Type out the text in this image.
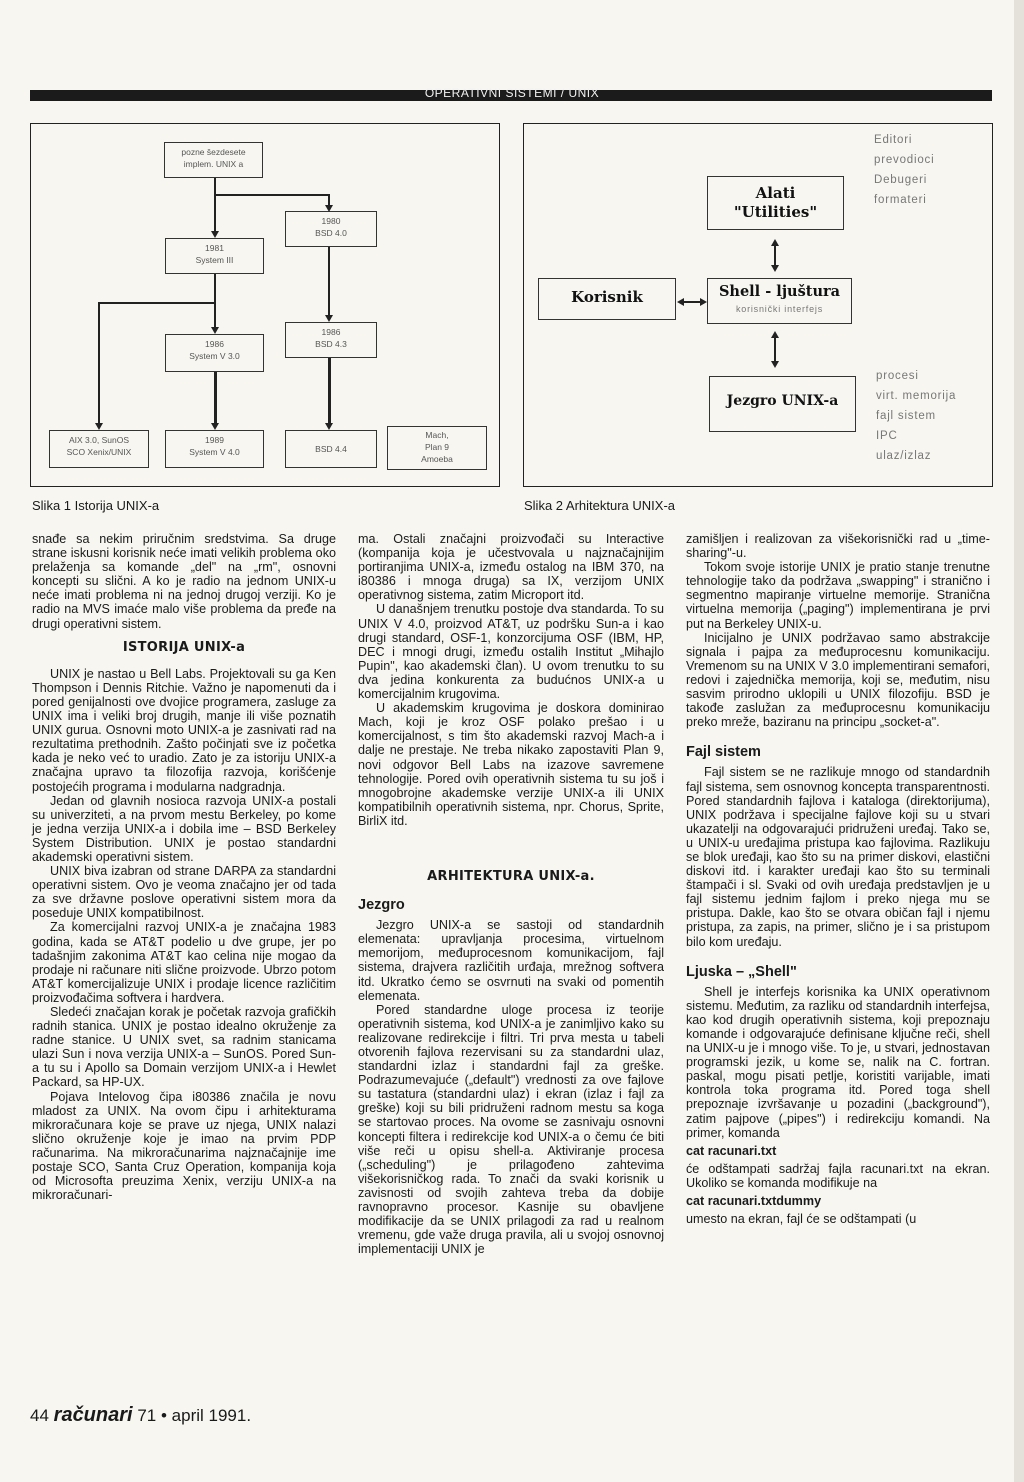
OPERATIVNI SISTEMI / UNIX
pozne šezdesete
implem. UNIX a
1980
BSD 4.0
1981
System III
1986
System V 3.0
1986
BSD 4.3
AIX 3.0, SunOS
SCO Xenix/UNIX
1989
System V 4.0	BSD 4.4
Mach,
Plan 9
Amoeba
Alati
"Utilities"
Editori
prevodioci
Debugeri
formateri
Korisnik	Shell - ljuštura
korisnički interfejs
Jezgro UNIX-a
procesi
virt. memorija
fajl sistem
IPC
ulaz/izlaz
Slika 1 Istorija UNIX-a	Slika 2 Arhitektura UNIX-a

snađe sa nekim priručnim sredstvima. Sa druge strane iskusni korisnik neće imati velikih problema oko prelaženja sa komande „del" na „rm", osnovni koncepti su slični. A ko je radio na jednom UNIX-u neće imati problema ni na jednoj drugoj verziji. Ko je radio na MVS imaće malo više problema da pređe na drugi operativni sistem.

ISTORIJA UNIX-a

UNIX je nastao u Bell Labs. Projektovali su ga Ken Thompson i Dennis Ritchie. Važno je napomenuti da i pored genijalnosti ove dvojice programera, zasluge za UNIX ima i veliki broj drugih, manje ili više poznatih UNIX gurua. Osnovni moto UNIX-a je zasnivati rad na rezultatima prethodnih. Zašto počinjati sve iz početka kada je neko već to uradio. Zato je za istoriju UNIX-a značajna upravo ta filozofija razvoja, korišćenje postojećih programa i modularna nadgradnja.

Jedan od glavnih nosioca razvoja UNIX-a postali su univerziteti, a na prvom mestu Berkeley, po kome je jedna verzija UNIX-a i dobila ime – BSD Berkeley System Distribution. UNIX je postao standardni akademski operativni sistem.

UNIX biva izabran od strane DARPA za standardni operativni sistem. Ovo je veoma značajno jer od tada za sve državne poslove operativni sistem mora da poseduje UNIX kompatibilnost.

Za komercijalni razvoj UNIX-a je značajna 1983 godina, kada se AT&T podelio u dve grupe, jer po tadašnjim zakonima AT&T kao celina nije mogao da prodaje ni računare niti slične proizvode. Ubrzo potom AT&T komercijalizuje UNIX i prodaje licence različitim proizvođačima softvera i hardvera.

Sledeći značajan korak je početak razvoja grafičkih radnih stanica. UNIX je postao idealno okruženje za radne stanice. U UNIX svet, sa radnim stanicama ulazi Sun i nova verzija UNIX-a – SunOS. Pored Sun-a tu su i Apollo sa Domain verzijom UNIX-a i Hewlet Packard, sa HP-UX.

Pojava Intelovog čipa i80386 značila je novu mladost za UNIX. Na ovom čipu i arhitekturama mikroračunara koje se prave uz njega, UNIX nalazi slično okruženje koje je imao na prvim PDP računarima. Na mikroračunarima najznačajnije ime postaje SCO, Santa Cruz Operation, kompanija koja od Microsofta preuzima Xenix, verziju UNIX-a na mikroračunari-

ma. Ostali značajni proizvođači su Interactive (kompanija koja je učestvovala u najznačajnijim portiranjima UNIX-a, između ostalog na IBM 370, na i80386 i mnoga druga) sa IX, verzijom UNIX operativnog sistema, zatim Microport itd.

U današnjem trenutku postoje dva standarda. To su UNIX V 4.0, proizvod AT&T, uz podršku Sun-a i kao drugi standard, OSF-1, konzorcijuma OSF (IBM, HP, DEC i mnogi drugi, između ostalih Institut „Mihajlo Pupin", kao akademski član). U ovom trenutku to su dva jedina konkurenta za budućnos UNIX-a u komercijalnim krugovima.

U akademskim krugovima je doskora dominirao Mach, koji je kroz OSF polako prešao i u komercijalnost, s tim što akademski razvoj Mach-a i dalje ne prestaje. Ne treba nikako zapostaviti Plan 9, novi odgovor Bell Labs na izazove savremene tehnologije. Pored ovih operativnih sistema tu su još i mnogobrojne akademske verzije UNIX-a ili UNIX kompatibilnih operativnih sistema, npr. Chorus, Sprite, BirliX itd.

ARHITEKTURA UNIX-a.
Jezgro

Jezgro UNIX-a se sastoji od standardnih elemenata: upravljanja procesima, virtuelnom memorijom, međuprocesnom komunikacijom, fajl sistema, drajvera različitih urđaja, mrežnog softvera itd. Ukratko ćemo se osvrnuti na svaki od pomentih elemenata.

Pored standardne uloge procesa iz teorije operativnih sistema, kod UNIX-a je zanimljivo kako su realizovane redirekcije i filtri. Tri prva mesta u tabeli otvorenih fajlova rezervisani su za standardni ulaz, standardni izlaz i standardni fajl za greške. Podrazumevajuće („default") vrednosti za ove fajlove su tastatura (standardni ulaz) i ekran (izlaz i fajl za greške) koji su bili pridruženi radnom mestu sa koga se startovao proces. Na ovome se zasnivaju osnovni koncepti filtera i redirekcije kod UNIX-a o čemu će biti više reči u opisu shell-a. Aktiviranje procesa („scheduling") je prilagođeno zahtevima višekorisničkog rada. To znači da svaki korisnik u zavisnosti od svojih zahteva treba da dobije ravnopravno procesor. Kasnije su obavljene modifikacije da se UNIX prilagodi za rad u realnom vremenu, gde važe druga pravila, ali u svojoj osnovnoj implementaciji UNIX je

zamišljen i realizovan za višekorisnički rad u „time-sharing"-u.

Tokom svoje istorije UNIX je pratio stanje trenutne tehnologije tako da podržava „swapping" i straničnо i segmentno mapiranje virtuelne memorije. Stranična virtuelna memorija („paging") implementirana je prvi put na Berkeley UNIX-u.

Inicijalno je UNIX podržavao samo abstrakcije signala i pajpa za međuprocesnu komunikaciju. Vremenom su na UNIX V 3.0 implementirani semafori, redovi i zajednička memorija, koji se, međutim, nisu sasvim prirodno uklopili u UNIX filozofiju. BSD je takođe zaslužan za međuprocesnu komunikaciju preko mreže, baziranu na principu „socket-a".

Fajl sistem

Fajl sistem se ne razlikuje mnogo od standardnih fajl sistema, sem osnovnog koncepta transparentnosti. Pored standardnih fajlova i kataloga (direktorijuma), UNIX podržava i specijalne fajlove koji su u stvari ukazatelji na odgovarajući pridruženi uređaj. Tako se, u UNIX-u uređajima pristupa kao fajlovima. Razlikuju se blok uređaji, kao što su na primer diskovi, elastični diskovi itd. i karakter uređaji kao što su terminali štampači i sl. Svaki od ovih uređaja predstavljen je u fajl sistemu jednim fajlom i preko njega mu se pristupa. Dakle, kao što se otvara običan fajl i njemu pristupa, za zapis, na primer, slično je i sa pristupom bilo kom uređaju.

Ljuska – „Shell"

Shell je interfejs korisnika ka UNIX operativnom sistemu. Međutim, za razliku od standardnih interfejsa, kao kod drugih operativnih sistema, koji prepoznaju komande i odgovarajuće definisane ključne reči, shell na UNIX-u je i mnogo više. To je, u stvari, jednostavan programski jezik, u kome se, nalik na C. fortran. paskal, mogu pisati petlje, koristiti varijable, imati kontrola toka programa itd. Pored toga shell prepoznaje izvršavanje u pozadini („background"), zatim pajpove („pipes") i redirekciju komandi. Na primer, komanda

cat racunari.txt

će odštampati sadržaj fajla racunari.txt na ekran. Ukoliko se komanda modifikuje na

cat racunari.txtdummy

umesto na ekran, fajl će se odštampati (u

44 računari 71 • april 1991.
